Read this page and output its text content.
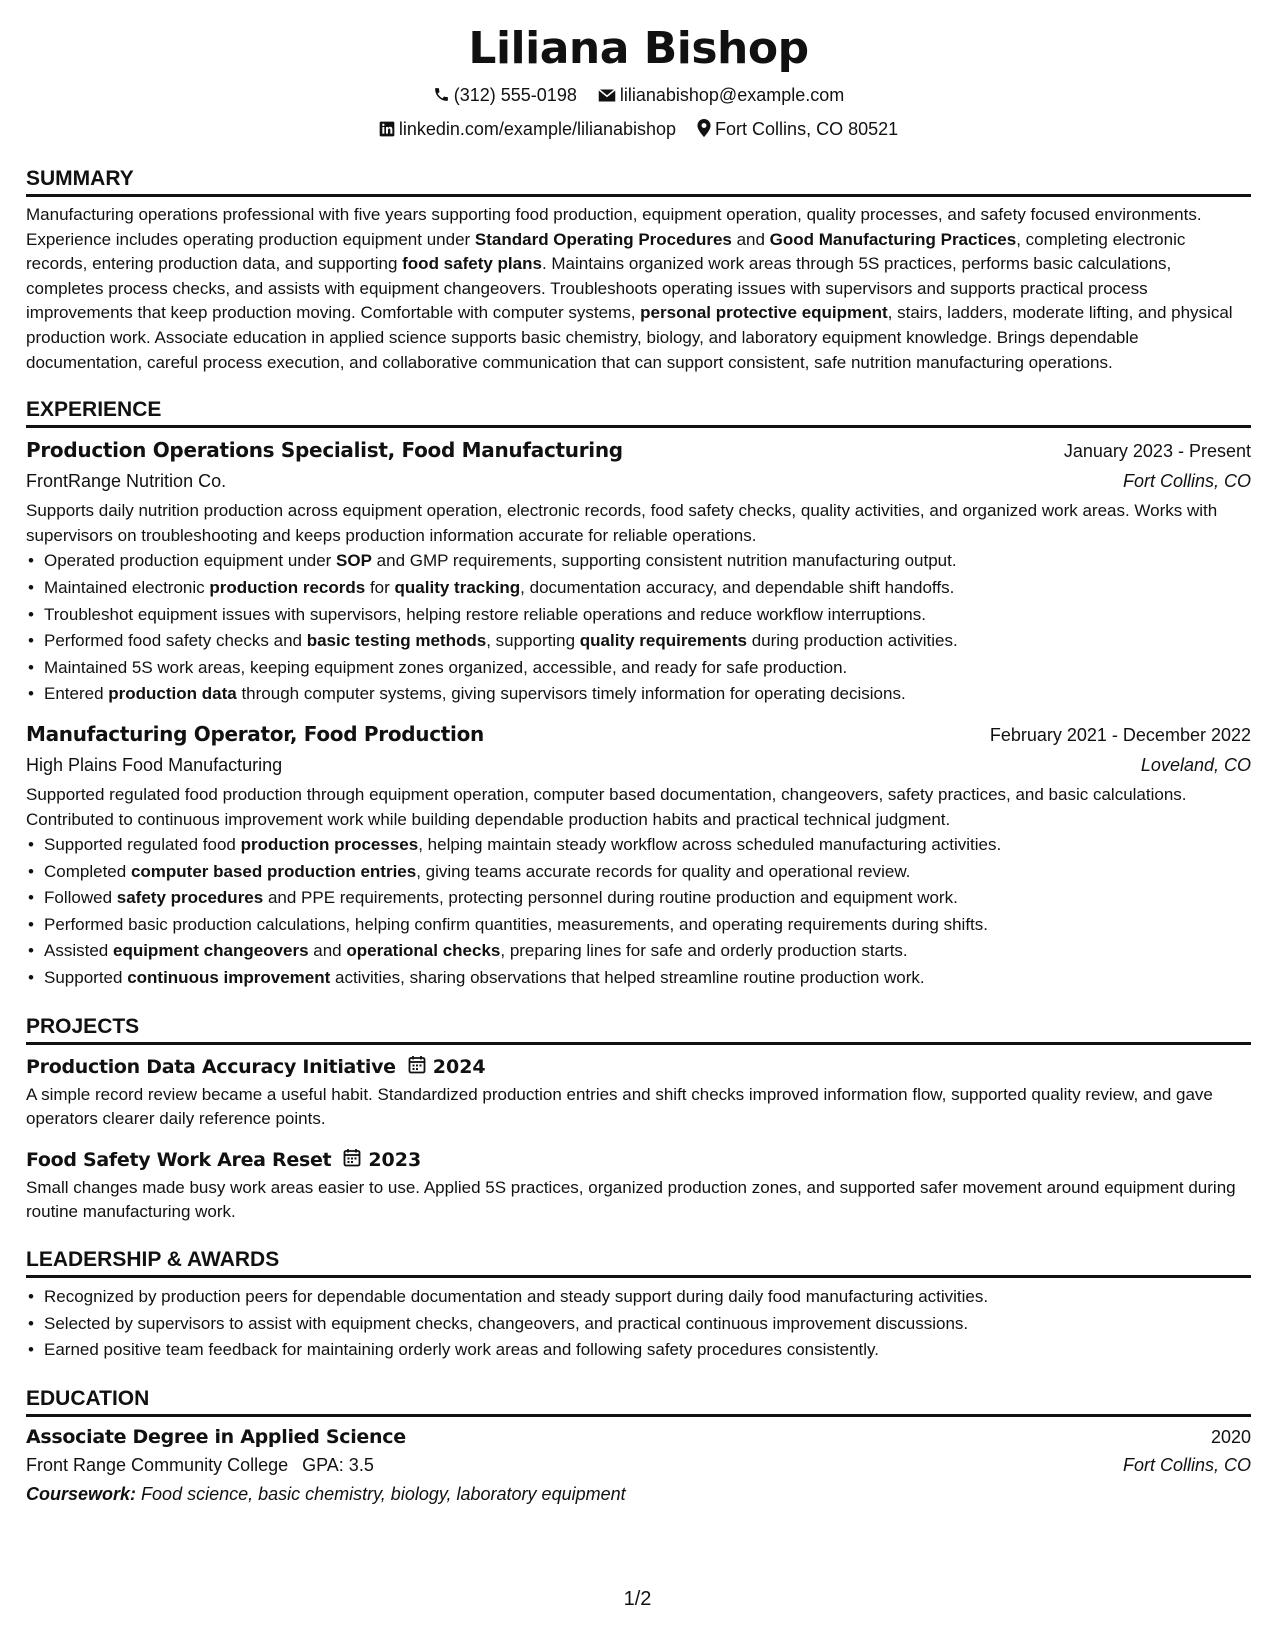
Liliana Bishop
(312) 555-0198 lilianabishop@example.com
linkedin.com/example/lilianabishop Fort Collins, CO 80521
SUMMARY
Manufacturing operations professional with five years supporting food production, equipment operation, quality processes, and safety focused environments. Experience includes operating production equipment under Standard Operating Procedures and Good Manufacturing Practices, completing electronic records, entering production data, and supporting food safety plans. Maintains organized work areas through 5S practices, performs basic calculations, completes process checks, and assists with equipment changeovers. Troubleshoots operating issues with supervisors and supports practical process improvements that keep production moving. Comfortable with computer systems, personal protective equipment, stairs, ladders, moderate lifting, and physical production work. Associate education in applied science supports basic chemistry, biology, and laboratory equipment knowledge. Brings dependable documentation, careful process execution, and collaborative communication that can support consistent, safe nutrition manufacturing operations.
EXPERIENCE
Production Operations Specialist, Food Manufacturing	January 2023 - Present
FrontRange Nutrition Co.	Fort Collins, CO
Supports daily nutrition production across equipment operation, electronic records, food safety checks, quality activities, and organized work areas. Works with supervisors on troubleshooting and keeps production information accurate for reliable operations.
• Operated production equipment under SOP and GMP requirements, supporting consistent nutrition manufacturing output.
• Maintained electronic production records for quality tracking, documentation accuracy, and dependable shift handoffs.
• Troubleshot equipment issues with supervisors, helping restore reliable operations and reduce workflow interruptions.
• Performed food safety checks and basic testing methods, supporting quality requirements during production activities.
• Maintained 5S work areas, keeping equipment zones organized, accessible, and ready for safe production.
• Entered production data through computer systems, giving supervisors timely information for operating decisions.
Manufacturing Operator, Food Production	February 2021 - December 2022
High Plains Food Manufacturing	Loveland, CO
Supported regulated food production through equipment operation, computer based documentation, changeovers, safety practices, and basic calculations. Contributed to continuous improvement work while building dependable production habits and practical technical judgment.
• Supported regulated food production processes, helping maintain steady workflow across scheduled manufacturing activities.
• Completed computer based production entries, giving teams accurate records for quality and operational review.
• Followed safety procedures and PPE requirements, protecting personnel during routine production and equipment work.
• Performed basic production calculations, helping confirm quantities, measurements, and operating requirements during shifts.
• Assisted equipment changeovers and operational checks, preparing lines for safe and orderly production starts.
• Supported continuous improvement activities, sharing observations that helped streamline routine production work.
PROJECTS
Production Data Accuracy Initiative 2024
A simple record review became a useful habit. Standardized production entries and shift checks improved information flow, supported quality review, and gave operators clearer daily reference points.
Food Safety Work Area Reset 2023
Small changes made busy work areas easier to use. Applied 5S practices, organized production zones, and supported safer movement around equipment during routine manufacturing work.
LEADERSHIP & AWARDS
• Recognized by production peers for dependable documentation and steady support during daily food manufacturing activities.
• Selected by supervisors to assist with equipment checks, changeovers, and practical continuous improvement discussions.
• Earned positive team feedback for maintaining orderly work areas and following safety procedures consistently.
EDUCATION
Associate Degree in Applied Science	2020
Front Range Community College GPA: 3.5	Fort Collins, CO
Coursework: Food science, basic chemistry, biology, laboratory equipment
1/2
